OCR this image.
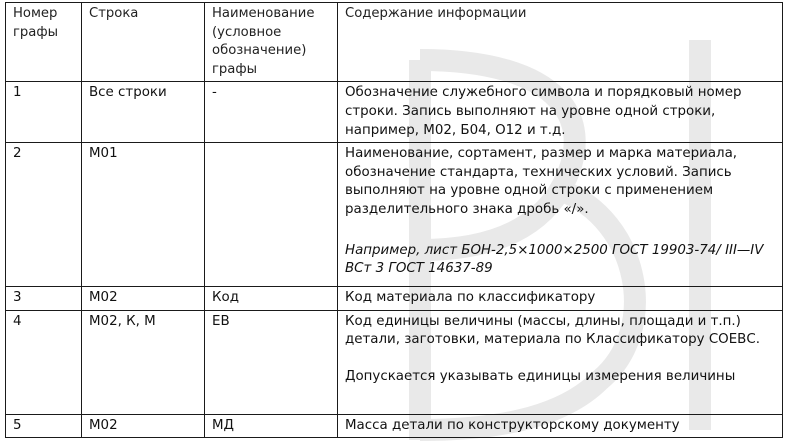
Номер графы	Строка	Наименование (условное обозначение) графы	Содержание информации
1	Все строки	-	Обозначение служебного символа и порядковый номер строки. Запись выполняют на уровне одной строки, например, М02, Б04, О12 и т.д.

2	М01		Наименование, сортамент, размер и марка материала, обозначение стандарта, технических условий. Запись выполняют на уровне одной строки с применением разделительного знака дробь «/».
Например, лист БОН-2,5×1000×2500 ГОСТ 19903-74/ III—IV ВСт 3 ГОСТ 14637-89

3	М02	Код	Код материала по классификатору

4	М02, К, М	ЕВ	Код единицы величины (массы, длины, площади и т.п.) детали, заготовки, материала по Классификатору СОЕВС.
Допускается указывать единицы измерения величины

5	М02	МД	Масса детали по конструкторскому документу
